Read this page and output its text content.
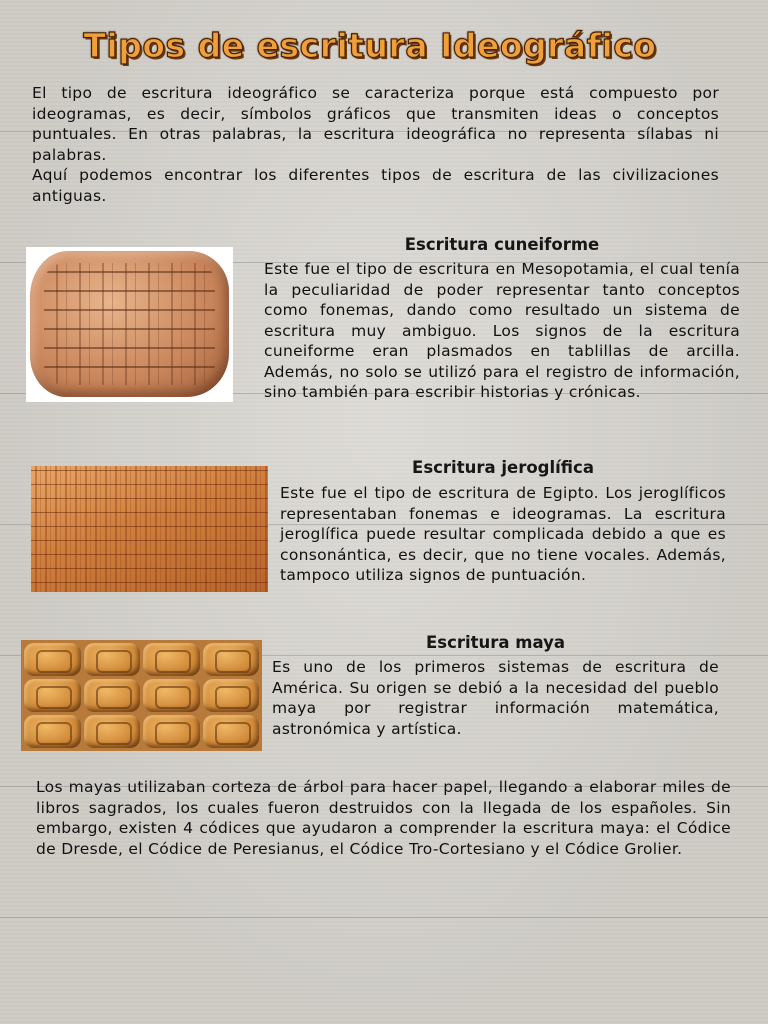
Tipos de escritura Ideográfico

El tipo de escritura ideográfico se caracteriza porque está compuesto por ideogramas, es decir, símbolos gráficos que transmiten ideas o conceptos puntuales. En otras palabras, la escritura ideográfica no representa sílabas ni palabras.

Aquí podemos encontrar los diferentes tipos de escritura de las civilizaciones antiguas.

Escritura cuneiforme
Este fue el tipo de escritura en Mesopotamia, el cual tenía la peculiaridad de poder representar tanto conceptos como fonemas, dando como resultado un sistema de escritura muy ambiguo. Los signos de la escritura cuneiforme eran plasmados en tablillas de arcilla. Además, no solo se utilizó para el registro de información, sino también para escribir historias y crónicas.
Escritura jeroglífica
Este fue el tipo de escritura de Egipto. Los jeroglíficos representaban fonemas e ideogramas. La escritura jeroglífica puede resultar complicada debido a que es consonántica, es decir, que no tiene vocales. Además, tampoco utiliza signos de puntuación.
Escritura maya
Es uno de los primeros sistemas de escritura de América. Su origen se debió a la necesidad del pueblo maya por registrar información matemática, astronómica y artística.
Los mayas utilizaban corteza de árbol para hacer papel, llegando a elaborar miles de libros sagrados, los cuales fueron destruidos con la llegada de los españoles. Sin embargo, existen 4 códices que ayudaron a comprender la escritura maya: el Códice de Dresde, el Códice de Peresianus, el Códice Tro-Cortesiano y el Códice Grolier.
